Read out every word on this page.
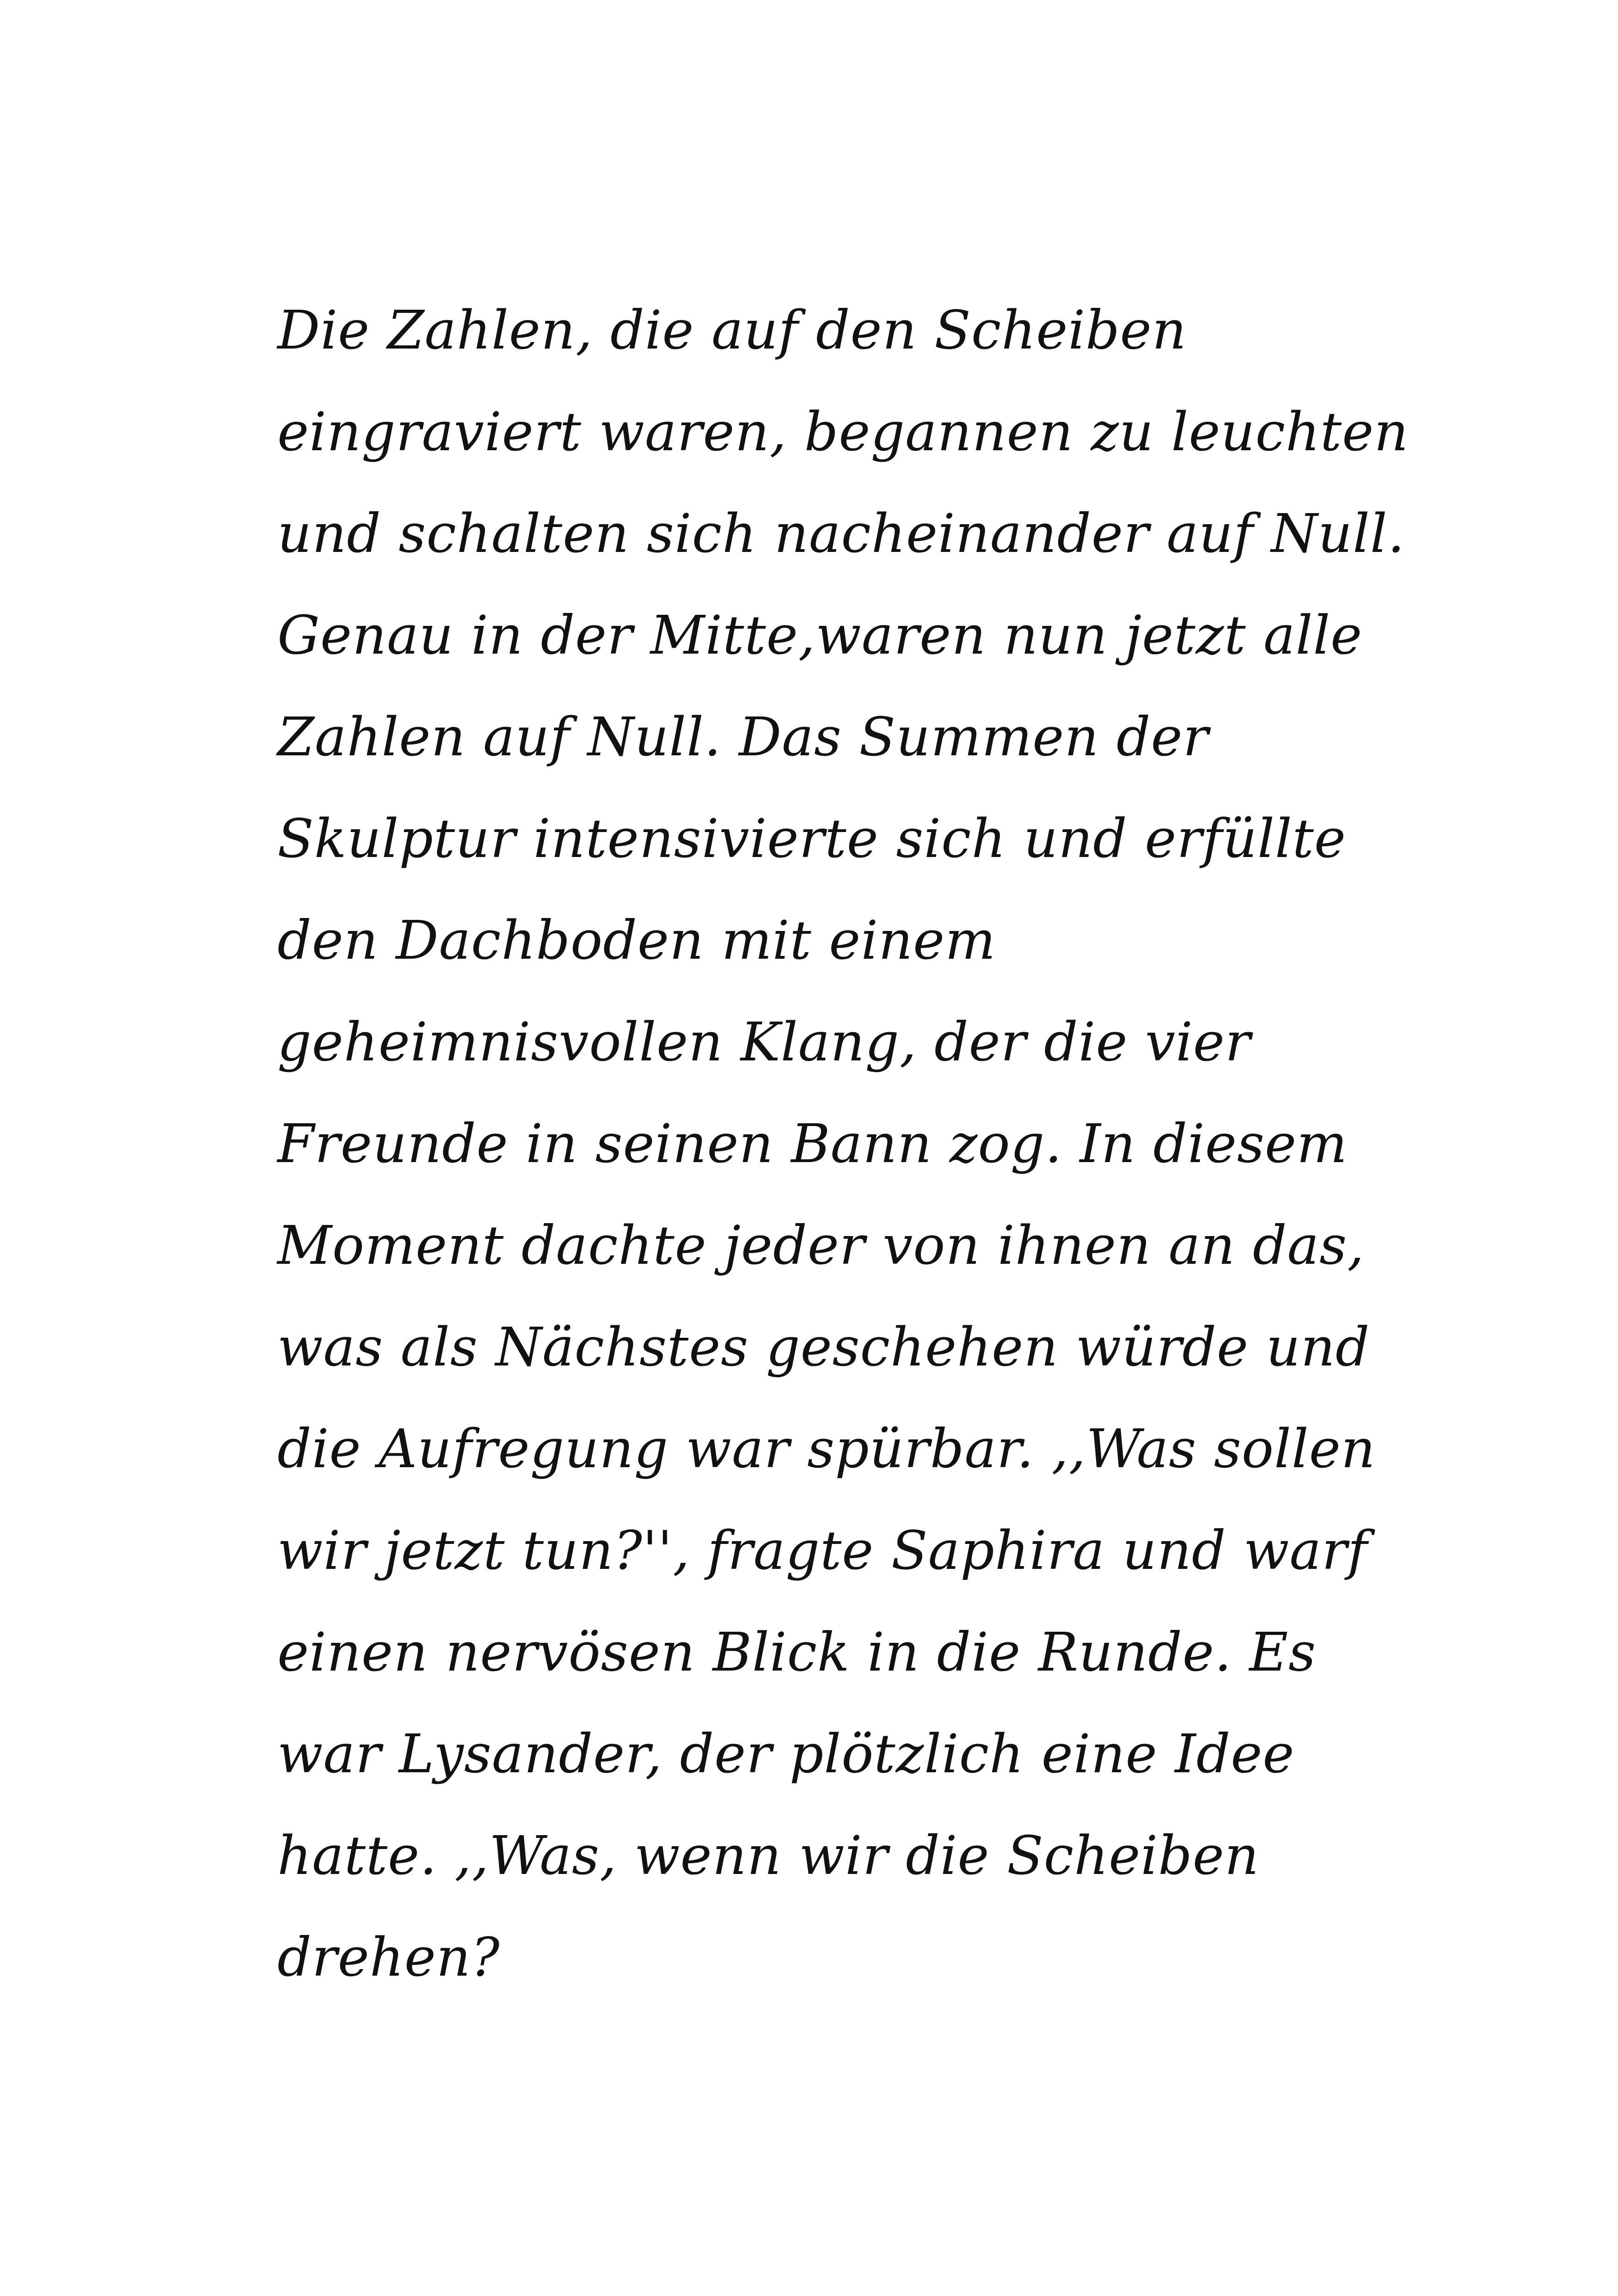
Die Zahlen, die auf den Scheiben
eingraviert waren, begannen zu leuchten
und schalten sich nacheinander auf Null.
Genau in der Mitte,waren nun jetzt alle
Zahlen auf Null. Das Summen der
Skulptur intensivierte sich und erfüllte
den Dachboden mit einem
geheimnisvollen Klang, der die vier
Freunde in seinen Bann zog. In diesem
Moment dachte jeder von ihnen an das,
was als Nächstes geschehen würde und
die Aufregung war spürbar. ,,Was sollen
wir jetzt tun?'', fragte Saphira und warf
einen nervösen Blick in die Runde. Es
war Lysander, der plötzlich eine Idee
hatte. ,,Was, wenn wir die Scheiben
drehen?
